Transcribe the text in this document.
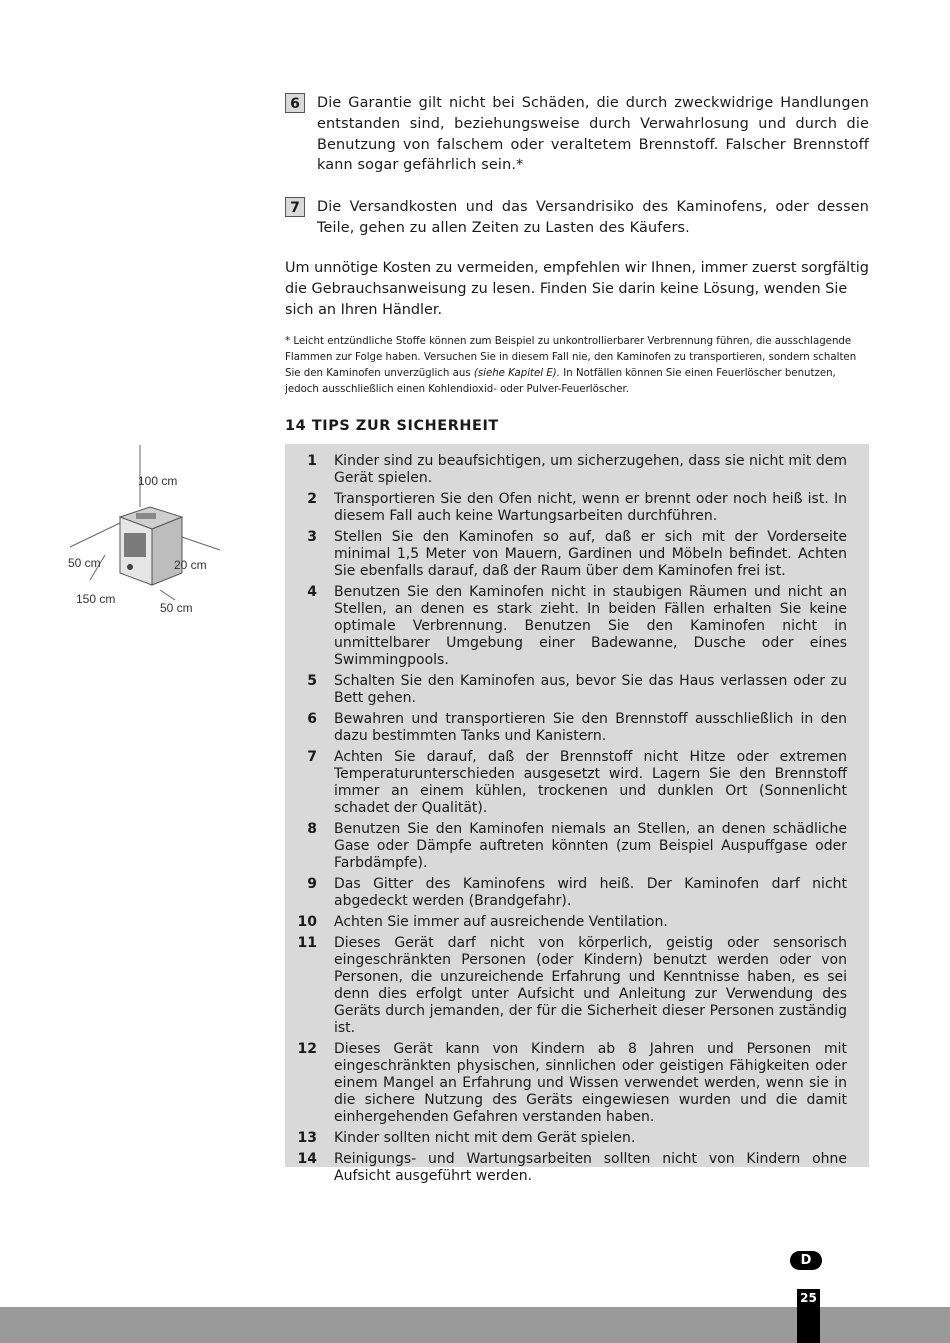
6	Die Garantie gilt nicht bei Schäden, die durch zweckwidrige Handlungen entstanden sind, beziehungsweise durch Verwahrlosung und durch die Benutzung von falschem oder veraltetem Brennstoff. Falscher Brennstoff kann sogar gefährlich sein.*
7	Die Versandkosten und das Versandrisiko des Kaminofens, oder dessen Teile, gehen zu allen Zeiten zu Lasten des Käufers.
Um unnötige Kosten zu vermeiden, empfehlen wir Ihnen, immer zuerst sorgfältig die Gebrauchsanweisung zu lesen. Finden Sie darin keine Lösung, wenden Sie sich an Ihren Händler.
* Leicht entzündliche Stoffe können zum Beispiel zu unkontrollierbarer Verbrennung führen, die ausschlagende Flammen zur Folge haben. Versuchen Sie in diesem Fall nie, den Kaminofen zu transportieren, sondern schalten Sie den Kaminofen unverzüglich aus (siehe Kapitel E). In Notfällen können Sie einen Feuerlöscher benutzen, jedoch ausschließlich einen Kohlendioxid- oder Pulver-Feuerlöscher.
14 TIPS ZUR SICHERHEIT
100 cm
50 cm	20 cm
150 cm
50 cm
1 Kinder sind zu beaufsichtigen, um sicherzugehen, dass sie nicht mit dem Gerät spielen.
2 Transportieren Sie den Ofen nicht, wenn er brennt oder noch heiß ist. In diesem Fall auch keine Wartungsarbeiten durchführen.
3 Stellen Sie den Kaminofen so auf, daß er sich mit der Vorderseite minimal 1,5 Meter von Mauern, Gardinen und Möbeln befindet. Achten Sie ebenfalls darauf, daß der Raum über dem Kaminofen frei ist.
4 Benutzen Sie den Kaminofen nicht in staubigen Räumen und nicht an Stellen, an denen es stark zieht. In beiden Fällen erhalten Sie keine optimale Verbrennung. Benutzen Sie den Kaminofen nicht in unmittelbarer Umgebung einer Badewanne, Dusche oder eines Swimmingpools.
5 Schalten Sie den Kaminofen aus, bevor Sie das Haus verlassen oder zu Bett gehen.
6 Bewahren und transportieren Sie den Brennstoff ausschließlich in den dazu bestimmten Tanks und Kanistern.
7 Achten Sie darauf, daß der Brennstoff nicht Hitze oder extremen Temperaturunterschieden ausgesetzt wird. Lagern Sie den Brennstoff immer an einem kühlen, trockenen und dunklen Ort (Sonnenlicht schadet der Qualität).
8 Benutzen Sie den Kaminofen niemals an Stellen, an denen schädliche Gase oder Dämpfe auftreten könnten (zum Beispiel Auspuffgase oder Farbdämpfe).
9 Das Gitter des Kaminofens wird heiß. Der Kaminofen darf nicht abgedeckt werden (Brandgefahr).
10 Achten Sie immer auf ausreichende Ventilation.
11 Dieses Gerät darf nicht von körperlich, geistig oder sensorisch eingeschränkten Personen (oder Kindern) benutzt werden oder von Personen, die unzureichende Erfahrung und Kenntnisse haben, es sei denn dies erfolgt unter Aufsicht und Anleitung zur Verwendung des Geräts durch jemanden, der für die Sicherheit dieser Personen zuständig ist.
12 Dieses Gerät kann von Kindern ab 8 Jahren und Personen mit eingeschränkten physischen, sinnlichen oder geistigen Fähigkeiten oder einem Mangel an Erfahrung und Wissen verwendet werden, wenn sie in die sichere Nutzung des Geräts eingewiesen wurden und die damit einhergehenden Gefahren verstanden haben.
13 Kinder sollten nicht mit dem Gerät spielen.
14 Reinigungs- und Wartungsarbeiten sollten nicht von Kindern ohne Aufsicht ausgeführt werden.
D
25
